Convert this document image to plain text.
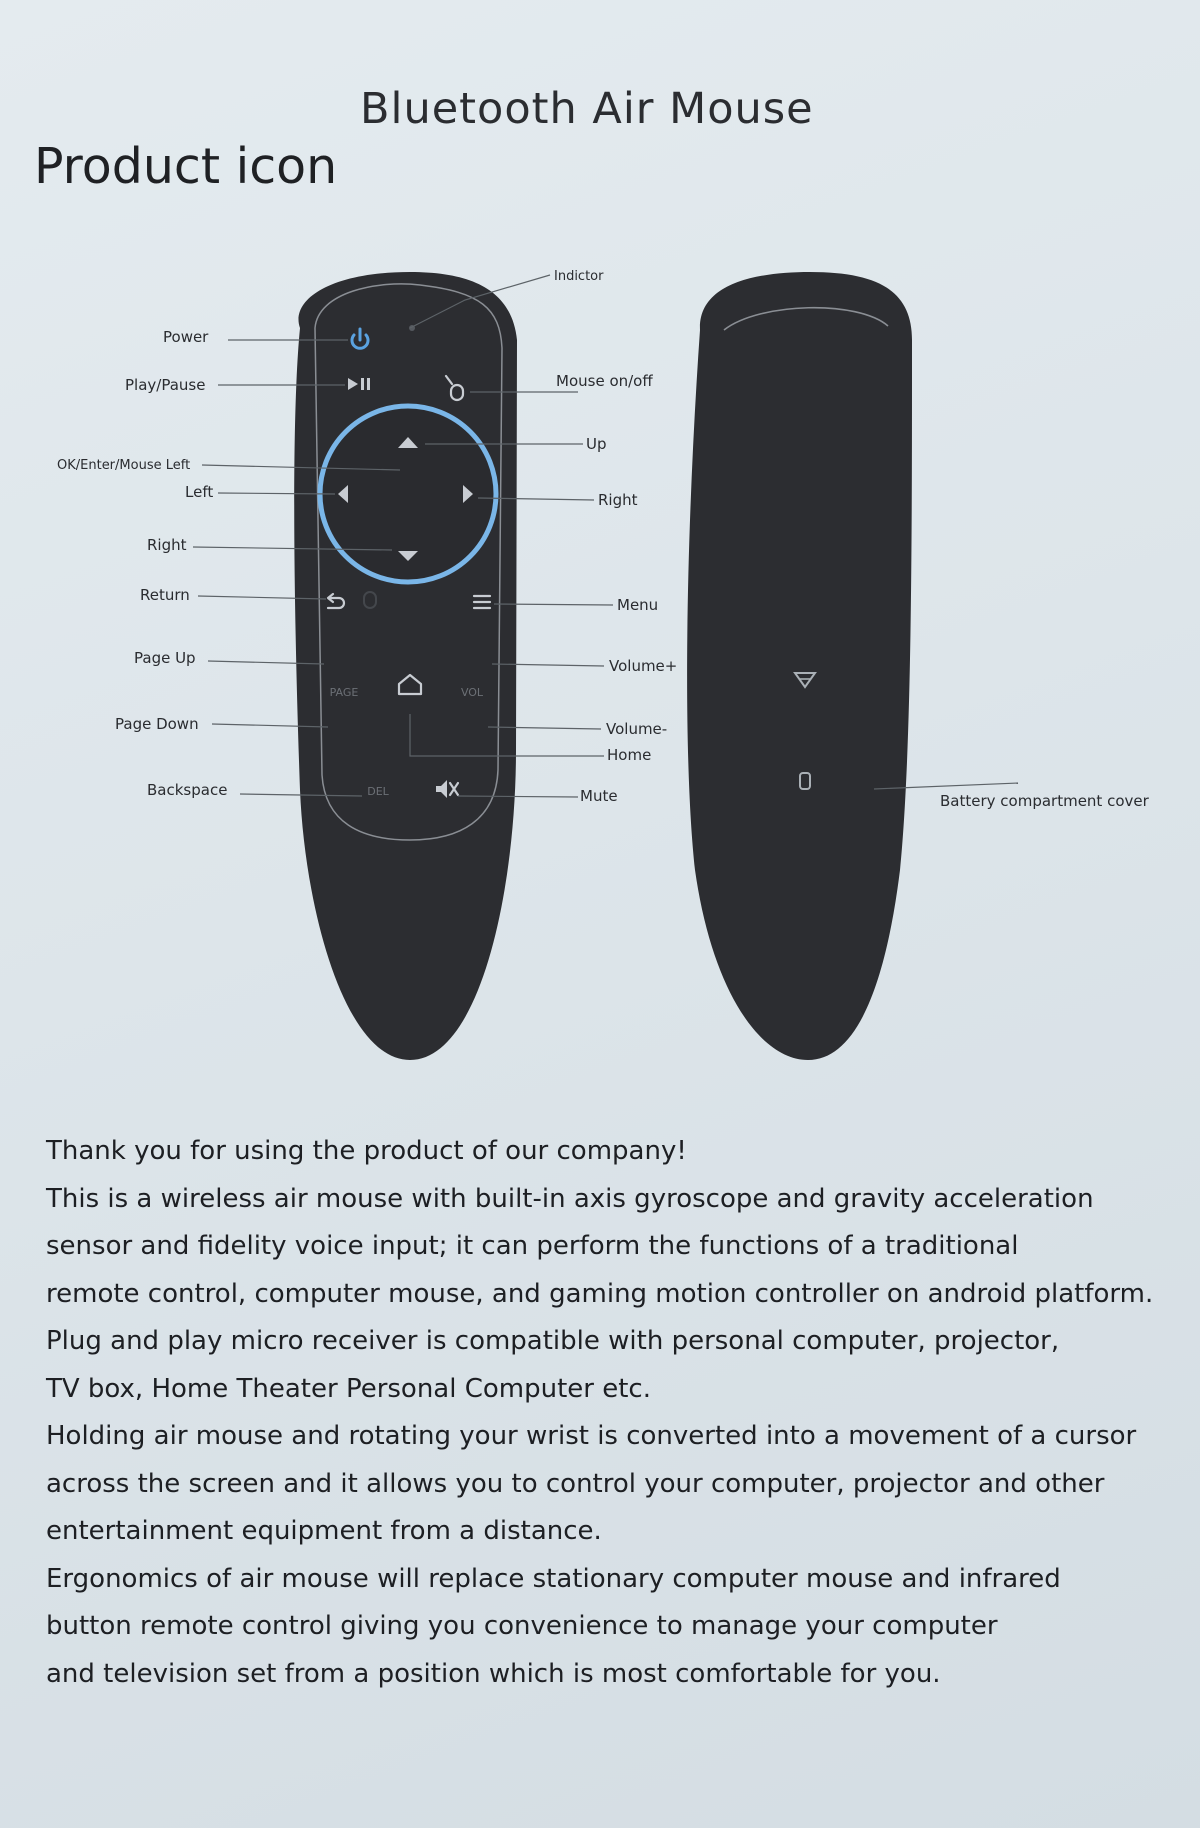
Bluetooth Air Mouse
Product icon
PAGE	VOL
DEL
Indictor
Power
Play/Pause	Mouse on/off
Up
OK/Enter/Mouse Left
Left	Right
Right
Return
Menu
Page Up	Volume+
Page Down	Volume-
Home
Backspace	Mute	Battery compartment cover

Thank you for using the product of our company!

This is a wireless air mouse with built-in axis gyroscope and gravity acceleration

sensor and fidelity voice input; it can perform the functions of a traditional

remote control, computer mouse, and gaming motion controller on android platform.

Plug and play micro receiver is compatible with personal computer, projector,

TV box, Home Theater Personal Computer etc.

Holding air mouse and rotating your wrist is converted into a movement of a cursor

across the screen and it allows you to control your computer, projector and other

entertainment equipment from a distance.

Ergonomics of air mouse will replace stationary computer mouse and infrared

button remote control giving you convenience to manage your computer

and television set from a position which is most comfortable for you.
